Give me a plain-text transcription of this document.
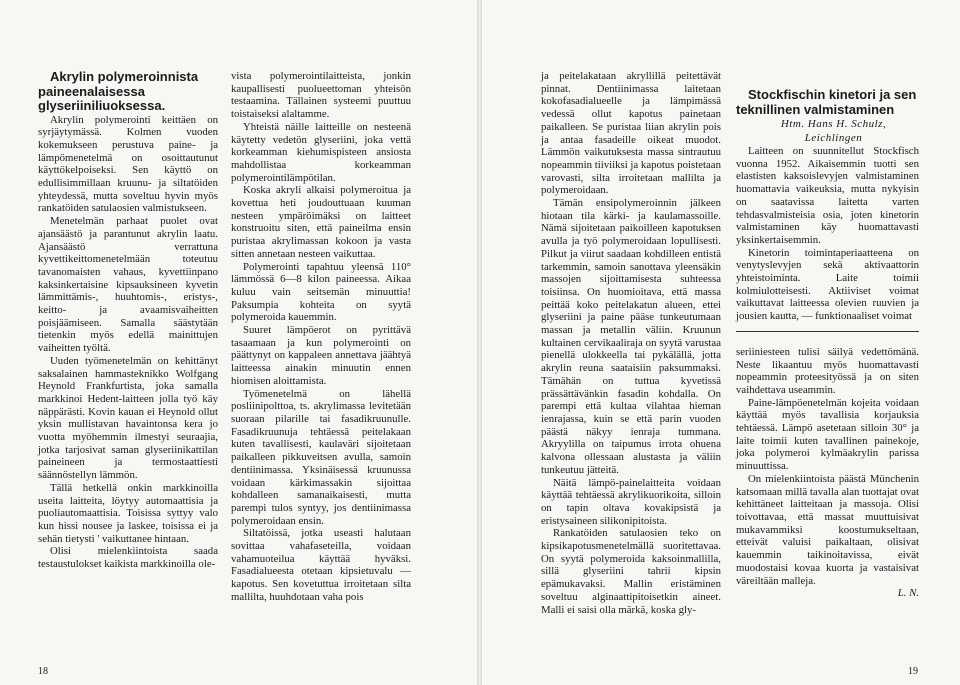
Akrylin polymeroinnista paineenalaisessa glyseriiniliuoksessa.

Akrylin polymerointi keittäen on syrjäytymässä. Kolmen vuoden kokemukseen perustuva paine- ja lämpömenetelmä on osoittautunut käyttökelpoiseksi. Sen käyttö on edullisimmillaan kruunu- ja siltatöiden yhteydessä, mutta soveltuu hyvin myös rankatöiden satulaosien valmistukseen.

Menetelmän parhaat puolet ovat ajansäästö ja parantunut akrylin laatu. Ajansäästö verrattuna kyvettikeittomenetelmään toteutuu tavanomaisten vahaus, kyvettiinpano kaksinkertaisine kipsauksineen kyvetin lämmittämis-, huuhtomis-, eristys-, keitto- ja avaamisvaiheitten poisjäämiseen. Samalla säästytään tietenkin myös edellä mainittujen vaiheitten työltä.

Uuden työmenetelmän on kehittänyt saksalainen hammasteknikko Wolfgang Heynold Frankfurtista, joka samalla markkinoi Hedent-laitteen jolla työ käy näppärästi. Kovin kauan ei Heynold ollut yksin mullistavan havaintonsa kera jo vuotta myöhemmin ilmestyi seuraajia, jotka tarjosivat saman glyseriinikattilan paineineen ja termostaattiesti säännöstellyn lämmön.

Tällä hetkellä onkin markkinoilla useita laitteita, löytyy automaattisia ja puoliautomaattisia. Toisissa syttyy valo kun hissi nousee ja laskee, toisissa ei ja sehän tietysti ' vaikuttanee hintaan.

Olisi mielenkiintoista saada testaustulokset kaikista markkinoilla ole-

vista polymerointilaitteista, jonkin kaupallisesti puolueettoman yhteisön testaamina. Tällainen systeemi puuttuu toistaiseksi alaltamme.

Yhteistä näille laitteille on nesteenä käytetty vedetön glyseriini, joka vettä korkeamman kiehumispisteen ansiosta mahdollistaa korkeamman polymerointilämpötilan.

Koska akryli alkaisi polymeroitua ja kovettua heti joudouttuaan kuuman nesteen ympäröimäksi on laitteet konstruoitu siten, että paineilma ensin puristaa akrylimassan kokoon ja vasta sitten annetaan nesteen vaikuttaa.

Polymerointi tapahtuu yleensä 110° lämmössä 6—8 kilon paineessa. Aikaa kuluu vain seitsemän minuuttia! Paksumpia kohteita on syytä polymeroida kauemmin.

Suuret lämpöerot on pyrittävä tasaamaan ja kun polymerointi on päättynyt on kappaleen annettava jäähtyä laitteessa ainakin minuutin ennen hiomisen aloittamista.

Työmenetelmä on lähellä posliinipolttoa, ts. akrylimassa levitetään suoraan pilarille tai fasadikruunulle. Fasadikruunuja tehtäessä peitelakaan kuten tavallisesti, kaulaväri sijoitetaan paikalleen pikkuveitsen avulla, samoin dentiinimassa. Yksinäisessä kruunussa voidaan kärkimassakin sijoittaa kohdalleen samanaikaisesti, mutta parempi tulos syntyy, jos dentiinimassa polymeroidaan ensin.

Siltatöissä, jotka useasti halutaan sovittaa vahafaseteilla, voidaan vahamuoteilua käyttää hyväksi. Fasadialueesta otetaan kipsietuvalu — kapotus. Sen kovetuttua irroitetaan silta mallilta, huuhdotaan vaha pois

18

ja peitelakataan akryllillä peitettävät pinnat. Dentiinimassa laitetaan kokofasadialueelle ja lämpimässä vedessä ollut kapotus painetaan paikalleen. Se puristaa liian akrylin pois ja antaa fasadeille oikeat muodot. Lämmön vaikutuksesta massa sintrautuu nopeammin tiiviiksi ja kapotus poistetaan varovasti, silta irroitetaan mallilta ja polymeroidaan.

Tämän ensipolymeroinnin jälkeen hiotaan tila kärki- ja kaulamassoille. Nämä sijoitetaan paikoilleen kapotuksen avulla ja työ polymeroidaan lopullisesti. Pilkut ja viirut saadaan kohdilleen entistä tarkemmin, samoin sanottava yleensäkin massojen sijoittamisesta suhteessa toisiinsa. On huomioitava, että massa peittää koko peitelakatun alueen, ettei glyseriini ja paine pääse tunkeutumaan massan ja metallin väliin. Kruunun kultainen cervikaaliraja on syytä varustaa pienellä ulokkeella tai pykälällä, jotta akrylin reuna saataisiin paksummaksi. Tämähän on tuttua kyvetissä prässättävänkin fasadin kohdalla. On parempi että kultaa vilahtaa hieman ienrajassa, kuin se että parin vuoden päästä näkyy ienraja tummana. Akryylilla on taipumus irrota ohuena kalvona ollessaan alustasta ja väliin tunkeutuu jätteitä.

Näitä lämpö-painelaitteita voidaan käyttää tehtäessä akrylikuorikoita, silloin on tapin oltava kovakipsistä ja eristysaineen silikonipitoista.

Rankatöiden satulaosien teko on kipsikapotusmenetelmällä suoritettavaa. On syytä polymeroida kaksoinmallilla, sillä glyseriini tahrii kipsin epämukavaksi. Mallin eristäminen soveltuu alginaattipitoisetkin aineet. Malli ei saisi olla märkä, koska gly-

Stockfischin kinetori ja sen teknillinen valmistaminen

Htm. Hans H. Schulz,

Leichlingen

Laitteen on suunnitellut Stockfisch vuonna 1952. Aikaisemmin tuotti sen elastisten kaksoislevyjen valmistaminen huomattavia vaikeuksia, mutta nykyisin on saatavissa laitetta varten tehdasvalmisteisia osia, joten kinetorin valmistaminen käy huomattavasti yksinkertaisemmin.

Kinetorin toimintaperiaatteena on venytyslevyjen sekä aktivaattorin yhteistoiminta. Laite toimii kolmiulotteisesti. Aktiiviset voimat vaikuttavat laitteessa olevien ruuvien ja jousien kautta, — funktionaaliset voimat

seriiniesteen tulisi säilyä vedettömänä. Neste likaantuu myös huomattavasti nopeammin proteesityössä ja on siten vaihdettava useammin.

Paine-lämpöenetelmän kojeita voidaan käyttää myös tavallisia korjauksia tehtäessä. Lämpö asetetaan silloin 30° ja laite toimii kuten tavallinen painekoje, joka polymeroi kylmäakrylin parissa minuuttissa.

On mielenkiintoista päästä Münchenin katsomaan millä tavalla alan tuottajat ovat kehittäneet laitteitaan ja massoja. Olisi toivottavaa, että massat muuttuisivat mukavammiksi koostumukseltaan, etteivät valuisi paikaltaan, olisivat kauemmin taikinoitavissa, eivät muodostaisi kovaa kuorta ja vastaisivat väreiltään malleja.

L. N.

19
